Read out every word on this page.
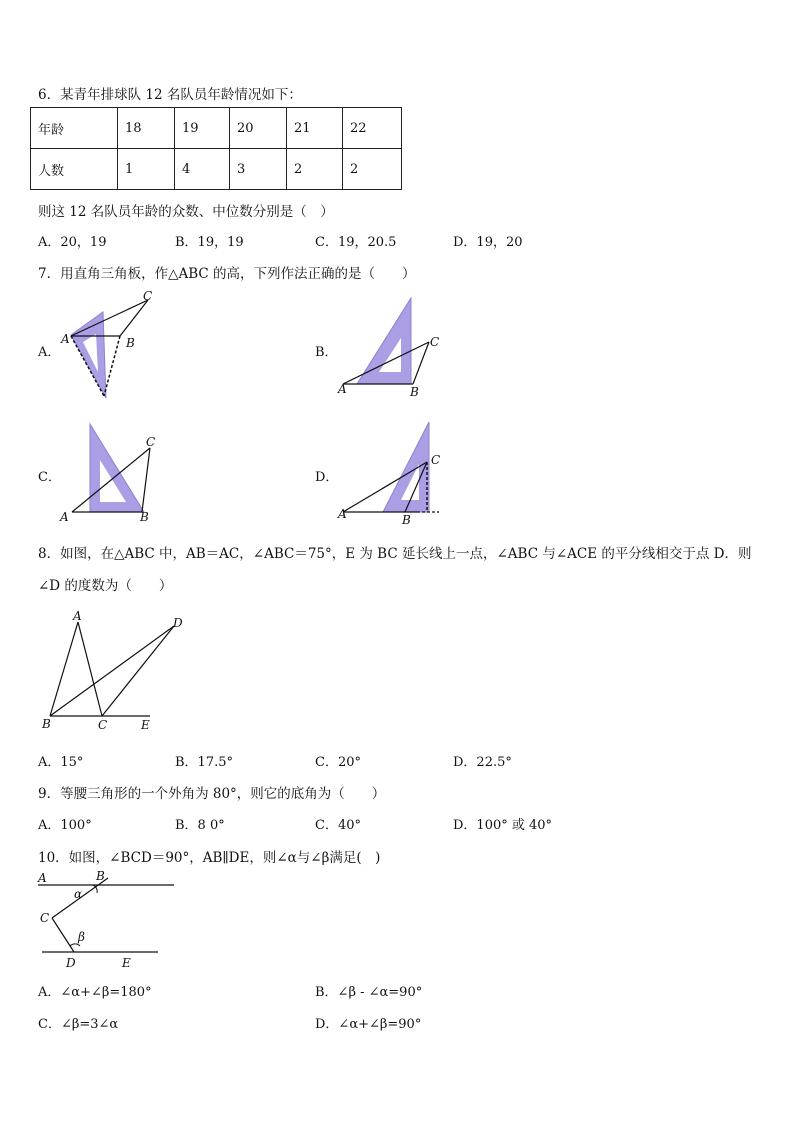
6．某青年排球队 12 名队员年龄情况如下：
年龄	18	19	20	21	22
人数	1	4	3	2	2
则这 12 名队员年龄的众数、中位数分别是（　）
A．20，19	B．19，19	C．19，20.5	D．19，20
7．用直角三角板，作△ABC 的高，下列作法正确的是（　　）
A．
A	B
C
B．
A	B
C
C．
A	B
C
D．
A	B
C
8．如图，在△ABC 中，AB＝AC，∠ABC＝75°，E 为 BC 延长线上一点，∠ABC 与∠ACE 的平分线相交于点 D．则
∠D 的度数为（　　）
A
B	C
D
E
A．15°	B．17.5°	C．20°	D．22.5°
9．等腰三角形的一个外角为 80°，则它的底角为（　　）
A．100°	B．8 0°	C．40°	D．100° 或 40°
10．如图，∠BCD＝90°，AB∥DE，则∠α与∠β满足(　)
A	B
C
D	E
α
β
A．∠α+∠β=180°	B．∠β - ∠α=90°
C．∠β=3∠α	D．∠α+∠β=90°
